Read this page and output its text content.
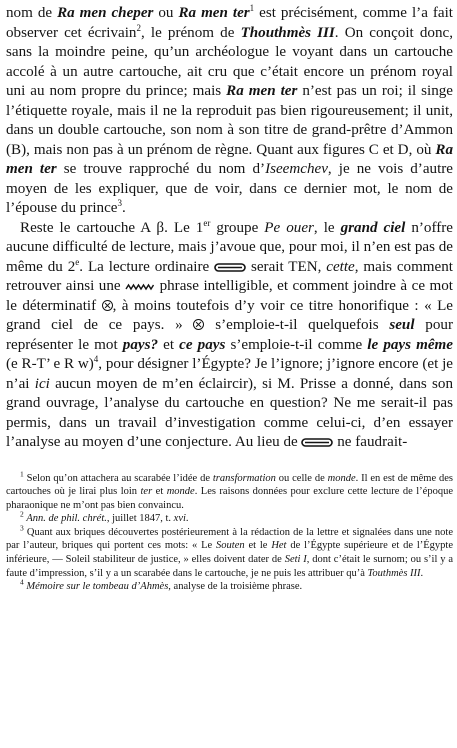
nom de Ra men cheper ou Ra men ter$^1$ est précisément, comme l’a fait observer cet écrivain$^2$, le prénom de Thouthmès III. On conçoit donc, sans la moindre peine, qu’un archéologue le voyant dans un cartouche accolé à un autre cartouche, ait cru que c’était encore un prénom royal uni au nom propre du prince; mais Ra men ter n’est pas un roi; il singe l’étiquette royale, mais il ne la reproduit pas bien rigoureusement; il unit, dans un double cartouche, son nom à son titre de grand-prêtre d’Ammon (B), mais non pas à un prénom de règne. Quant aux figures C et D, où Ra men ter se trouve rapproché du nom d’Iseemchev, je ne vois d’autre moyen de les expliquer, que de voir, dans ce dernier mot, le nom de l’épouse du prince$^3$.

Reste le cartouche A β. Le 1er groupe Pe ouer, le grand ciel n’offre aucune difficulté de lecture, mais j’avoue que, pour moi, il n’en est pas de même du 2e. La lecture ordinaire  serait TEN, cette, mais comment retrouver ainsi une  phrase intelligible, et comment joindre à ce mot le déterminatif , à moins toutefois d’y voir ce titre honorifique : « Le grand ciel de ce pays. »  s’emploie-t-il quelquefois seul pour représenter le mot pays? et ce pays s’emploie-t-il comme le pays même (e R-T’ e R w)$^4$, pour désigner l’Égypte? Je l’ignore; j’ignore encore (et je n’ai ici aucun moyen de m’en éclaircir), si M. Prisse a donné, dans son grand ouvrage, l’analyse du cartouche en question? Ne me serait-il pas permis, dans un travail d’investigation comme celui-ci, d’en essayer l’analyse au moyen d’une conjecture. Au lieu de  ne faudrait-

$^1$ Selon qu’on attachera au scarabée l’idée de transformation ou celle de monde. Il en est de même des cartouches où je lirai plus loin ter et monde. Les raisons données pour exclure cette lecture de l’époque pharaonique ne m’ont pas bien convaincu.

$^2$ Ann. de phil. chrét., juillet 1847, t. xvi.

$^3$ Quant aux briques découvertes postérieurement à la rédaction de la lettre et signalées dans une note par l’auteur, briques qui portent ces mots: « Le Souten et le Het de l’Égypte supérieure et de l’Égypte inférieure, — Soleil stabiliteur de justice, » elles doivent dater de Seti I, dont c’était le surnom; ou s’il y a faute d’impression, s’il y a un scarabée dans le cartouche, je ne puis les attribuer qu’à Touthmès III.

$^4$ Mémoire sur le tombeau d’Ahmès, analyse de la troisième phrase.
